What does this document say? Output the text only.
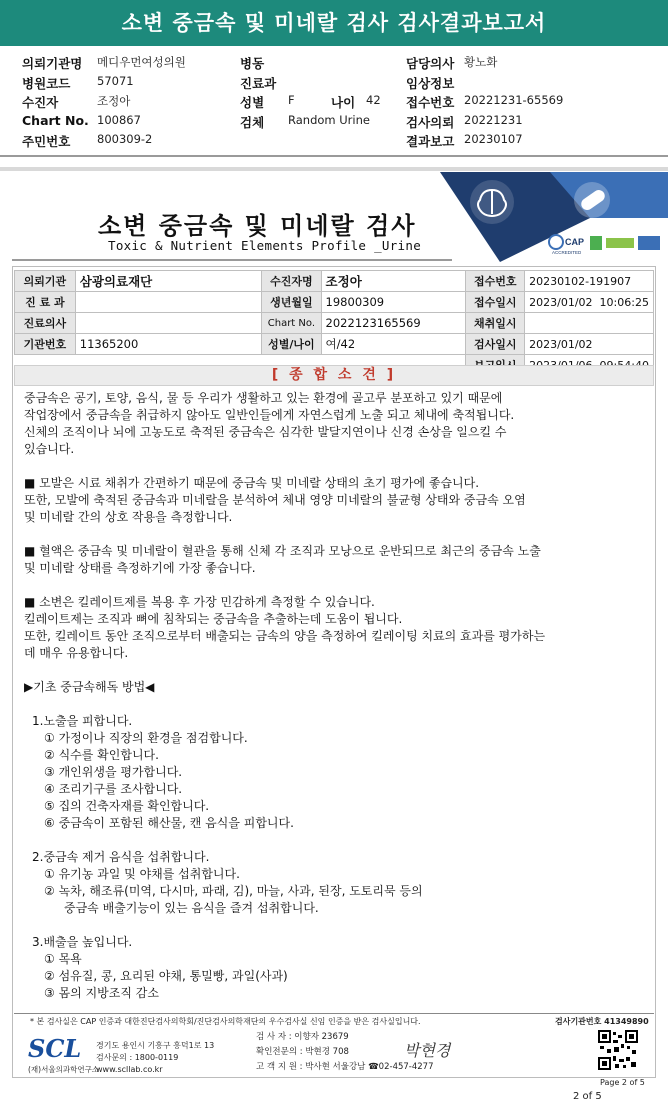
소변 중금속 및 미네랄 검사 검사결과보고서
의뢰기관명 메디우먼여성의원	병동	담당의사 황노화
병원코드 57071	진료과	임상정보
수진자	조정아	성별 F	나이 42 접수번호 20221231-65569
Chart No. 100867	검체 Random Urine	검사의뢰 20221231
주민번호 800309-2	결과보고 20230107
소변 중금속 및 미네랄 검사
Toxic & Nutrient Elements Profile _Urine	CAP
ACCREDITED
의뢰기관	삼광의료재단	수진자명	조정아	접수번호	20230102-191907
진 료 과		생년월일	19800309	접수일시	2023/01/02  10:06:25
진료의사		Chart No.	2022123165569	채취일시	
기관번호	11365200	성별/나이	여/42	검사일시	2023/01/02

[ 종 합 소 견 ]

중금속은 공기, 토양, 음식, 물 등 우리가 생활하고 있는 환경에 골고루 분포하고 있기 때문에

작업장에서 중금속을 취급하지 않아도 일반인들에게 자연스럽게 노출 되고 체내에 축적됩니다.

신체의 조직이나 뇌에 고농도로 축적된 중금속은 심각한 발달지연이나 신경 손상을 일으킬 수

있습니다.

■ 모발은 시료 채취가 간편하기 때문에 중금속 및 미네랄 상태의 초기 평가에 좋습니다.

또한, 모발에 축적된 중금속과 미네랄을 분석하여 체내 영양 미네랄의 불균형 상태와 중금속 오염

및 미네랄 간의 상호 작용을 측정합니다.

■ 혈액은 중금속 및 미네랄이 혈관을 통해 신체 각 조직과 모낭으로 운반되므로 최근의 중금속 노출

및 미네랄 상태를 측정하기에 가장 좋습니다.

■ 소변은 킬레이트제를 복용 후 가장 민감하게 측정할 수 있습니다.

킬레이트제는 조직과 뼈에 침착되는 중금속을 추출하는데 도움이 됩니다.

또한, 킬레이트 동안 조직으로부터 배출되는 금속의 양을 측정하여 킬레이팅 치료의 효과를 평가하는

데 매우 유용합니다.

▶기초 중금속해독 방법◀

1.노출을 피합니다.

① 가정이나 직장의 환경을 점검합니다.

② 식수를 확인합니다.

③ 개인위생을 평가합니다.

④ 조리기구를 조사합니다.

⑤ 집의 건축자재를 확인합니다.

⑥ 중금속이 포함된 해산물, 캔 음식을 피합니다.

2.중금속 제거 음식을 섭취합니다.

① 유기농 과일 및 야채를 섭취합니다.

② 녹차, 해조류(미역, 다시마, 파래, 김), 마늘, 사과, 된장, 도토리묵 등의

중금속 배출기능이 있는 음식을 즐겨 섭취합니다.

3.배출을 높입니다.

① 목욕

② 섬유질, 콩, 요리된 야채, 통밀빵, 과일(사과)

③ 몸의 지방조직 감소

* 본 검사실은 CAP 인증과 대한진단검사의학회/진단검사의학재단의 우수검사실 신임 인증을 받은 검사실입니다.	검사기관번호 41349890
SCL
(재)서울의과학연구소
경기도 용인시 기흥구 흥덕1로 13
검사문의 : 1800-0119
www.scllab.co.kr
검 사 자 : 이향자 23679
확인전문의 : 박현경 708
고 객 지 원 : 박사현 서울강남 ☎02-457-4277
박현경
Page 2 of 5
2 of 5
